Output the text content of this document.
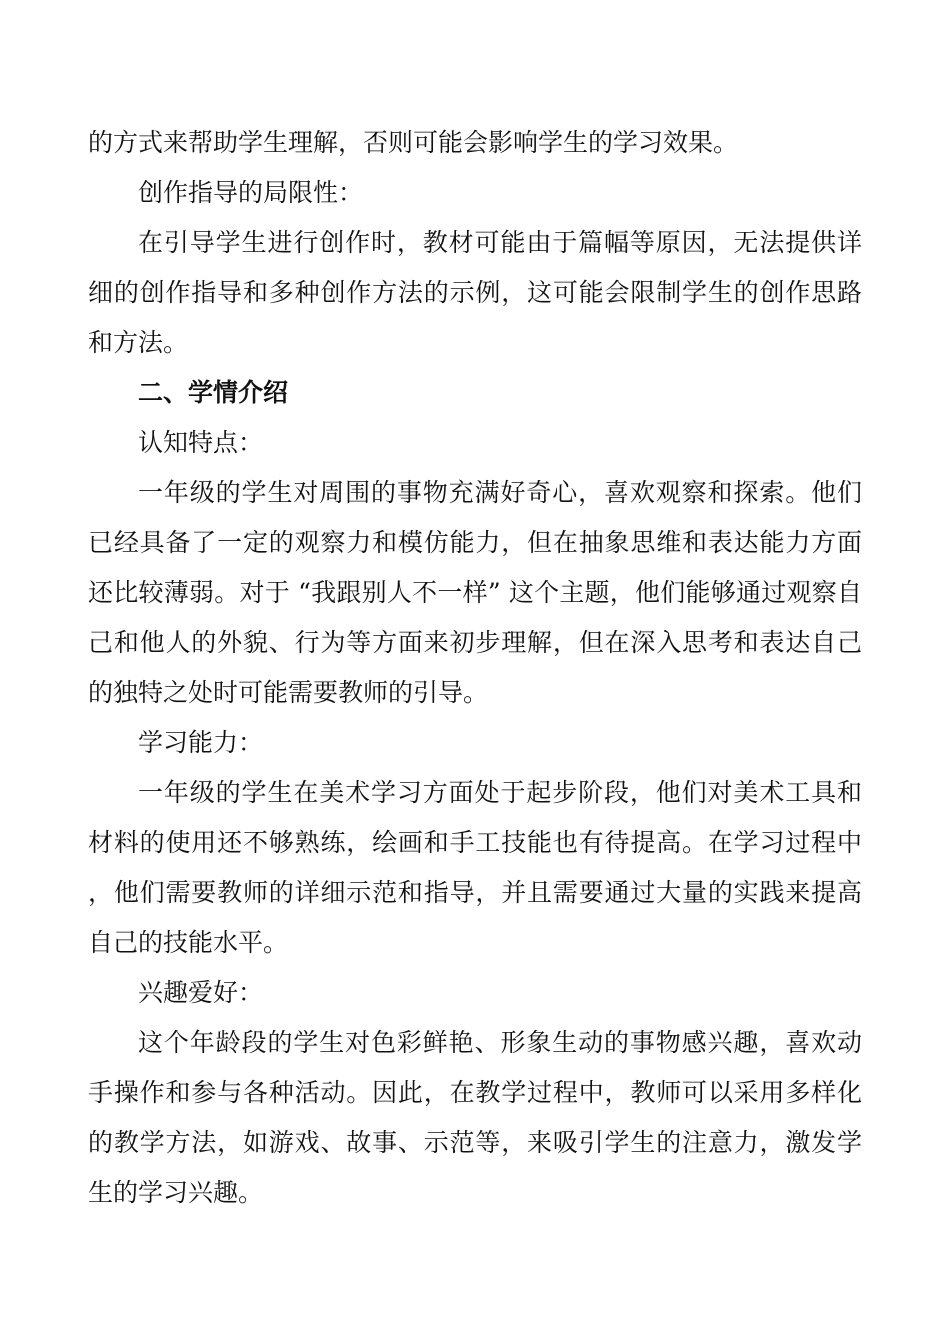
的方式来帮助学生理解，否则可能会影响学生的学习效果。

创作指导的局限性：

在引导学生进行创作时，教材可能由于篇幅等原因，无法提供详细的创作指导和多种创作方法的示例，这可能会限制学生的创作思路和方法。

二、学情介绍

认知特点：

一年级的学生对周围的事物充满好奇心，喜欢观察和探索。他们已经具备了一定的观察力和模仿能力，但在抽象思维和表达能力方面还比较薄弱。对于 “我跟别人不一样” 这个主题，他们能够通过观察自己和他人的外貌、行为等方面来初步理解，但在深入思考和表达自己的独特之处时可能需要教师的引导。

学习能力：

一年级的学生在美术学习方面处于起步阶段，他们对美术工具和材料的使用还不够熟练，绘画和手工技能也有待提高。在学习过程中，他们需要教师的详细示范和指导，并且需要通过大量的实践来提高自己的技能水平。

兴趣爱好：

这个年龄段的学生对色彩鲜艳、形象生动的事物感兴趣，喜欢动手操作和参与各种活动。因此，在教学过程中，教师可以采用多样化的教学方法，如游戏、故事、示范等，来吸引学生的注意力，激发学生的学习兴趣。
